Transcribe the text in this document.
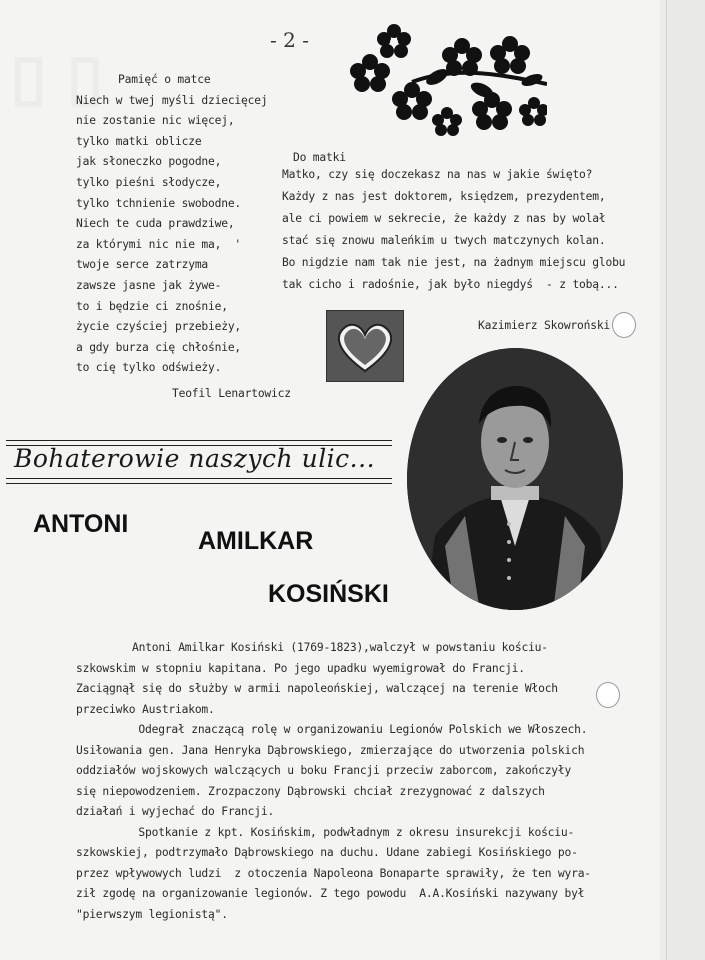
▯ ▯
- 2 -
Pamięć o matce
Niech w twej myśli dziecięcej
nie zostanie nic więcej,
tylko matki oblicze
jak słoneczko pogodne,
tylko pieśni słodycze,
tylko tchnienie swobodne.
Niech te cuda prawdziwe,
za którymi nic nie ma,  '
twoje serce zatrzyma
zawsze jasne jak żywe-
to i będzie ci znośnie,
życie czyściej przebieży,
a gdy burza cię chłośnie,
to cię tylko odświeży.
Teofil Lenartowicz
Do matki
Matko, czy się doczekasz na nas w jakie święto?
Każdy z nas jest doktorem, księdzem, prezydentem,
ale ci powiem w sekrecie, że każdy z nas by wolał
stać się znowu maleńkim u twych matczynych kolan.
Bo nigdzie nam tak nie jest, na żadnym miejscu globu
tak cicho i radośnie, jak było niegdyś  - z tobą...
Kazimierz Skowroński
Bohaterowie naszych ulic...
ANTONI
AMILKAR
KOSIŃSKI
Antoni Amilkar Kosiński (1769-1823),walczył w powstaniu kościu-
szkowskim w stopniu kapitana. Po jego upadku wyemigrował do Francji.
Zaciągnął się do służby w armii napoleońskiej, walczącej na terenie Włoch
przeciwko Austriakom.
Odegrał znaczącą rolę w organizowaniu Legionów Polskich we Włoszech.
Usiłowania gen. Jana Henryka Dąbrowskiego, zmierzające do utworzenia polskich
oddziałów wojskowych walczących u boku Francji przeciw zaborcom, zakończyły
się niepowodzeniem. Zrozpaczony Dąbrowski chciał zrezygnować z dalszych
działań i wyjechać do Francji.
Spotkanie z kpt. Kosińskim, podwładnym z okresu insurekcji kościu-
szkowskiej, podtrzymało Dąbrowskiego na duchu. Udane zabiegi Kosińskiego po-
przez wpływowych ludzi  z otoczenia Napoleona Bonaparte sprawiły, że ten wyra-
ził zgodę na organizowanie legionów. Z tego powodu  A.A.Kosiński nazywany był
"pierwszym legionistą".
